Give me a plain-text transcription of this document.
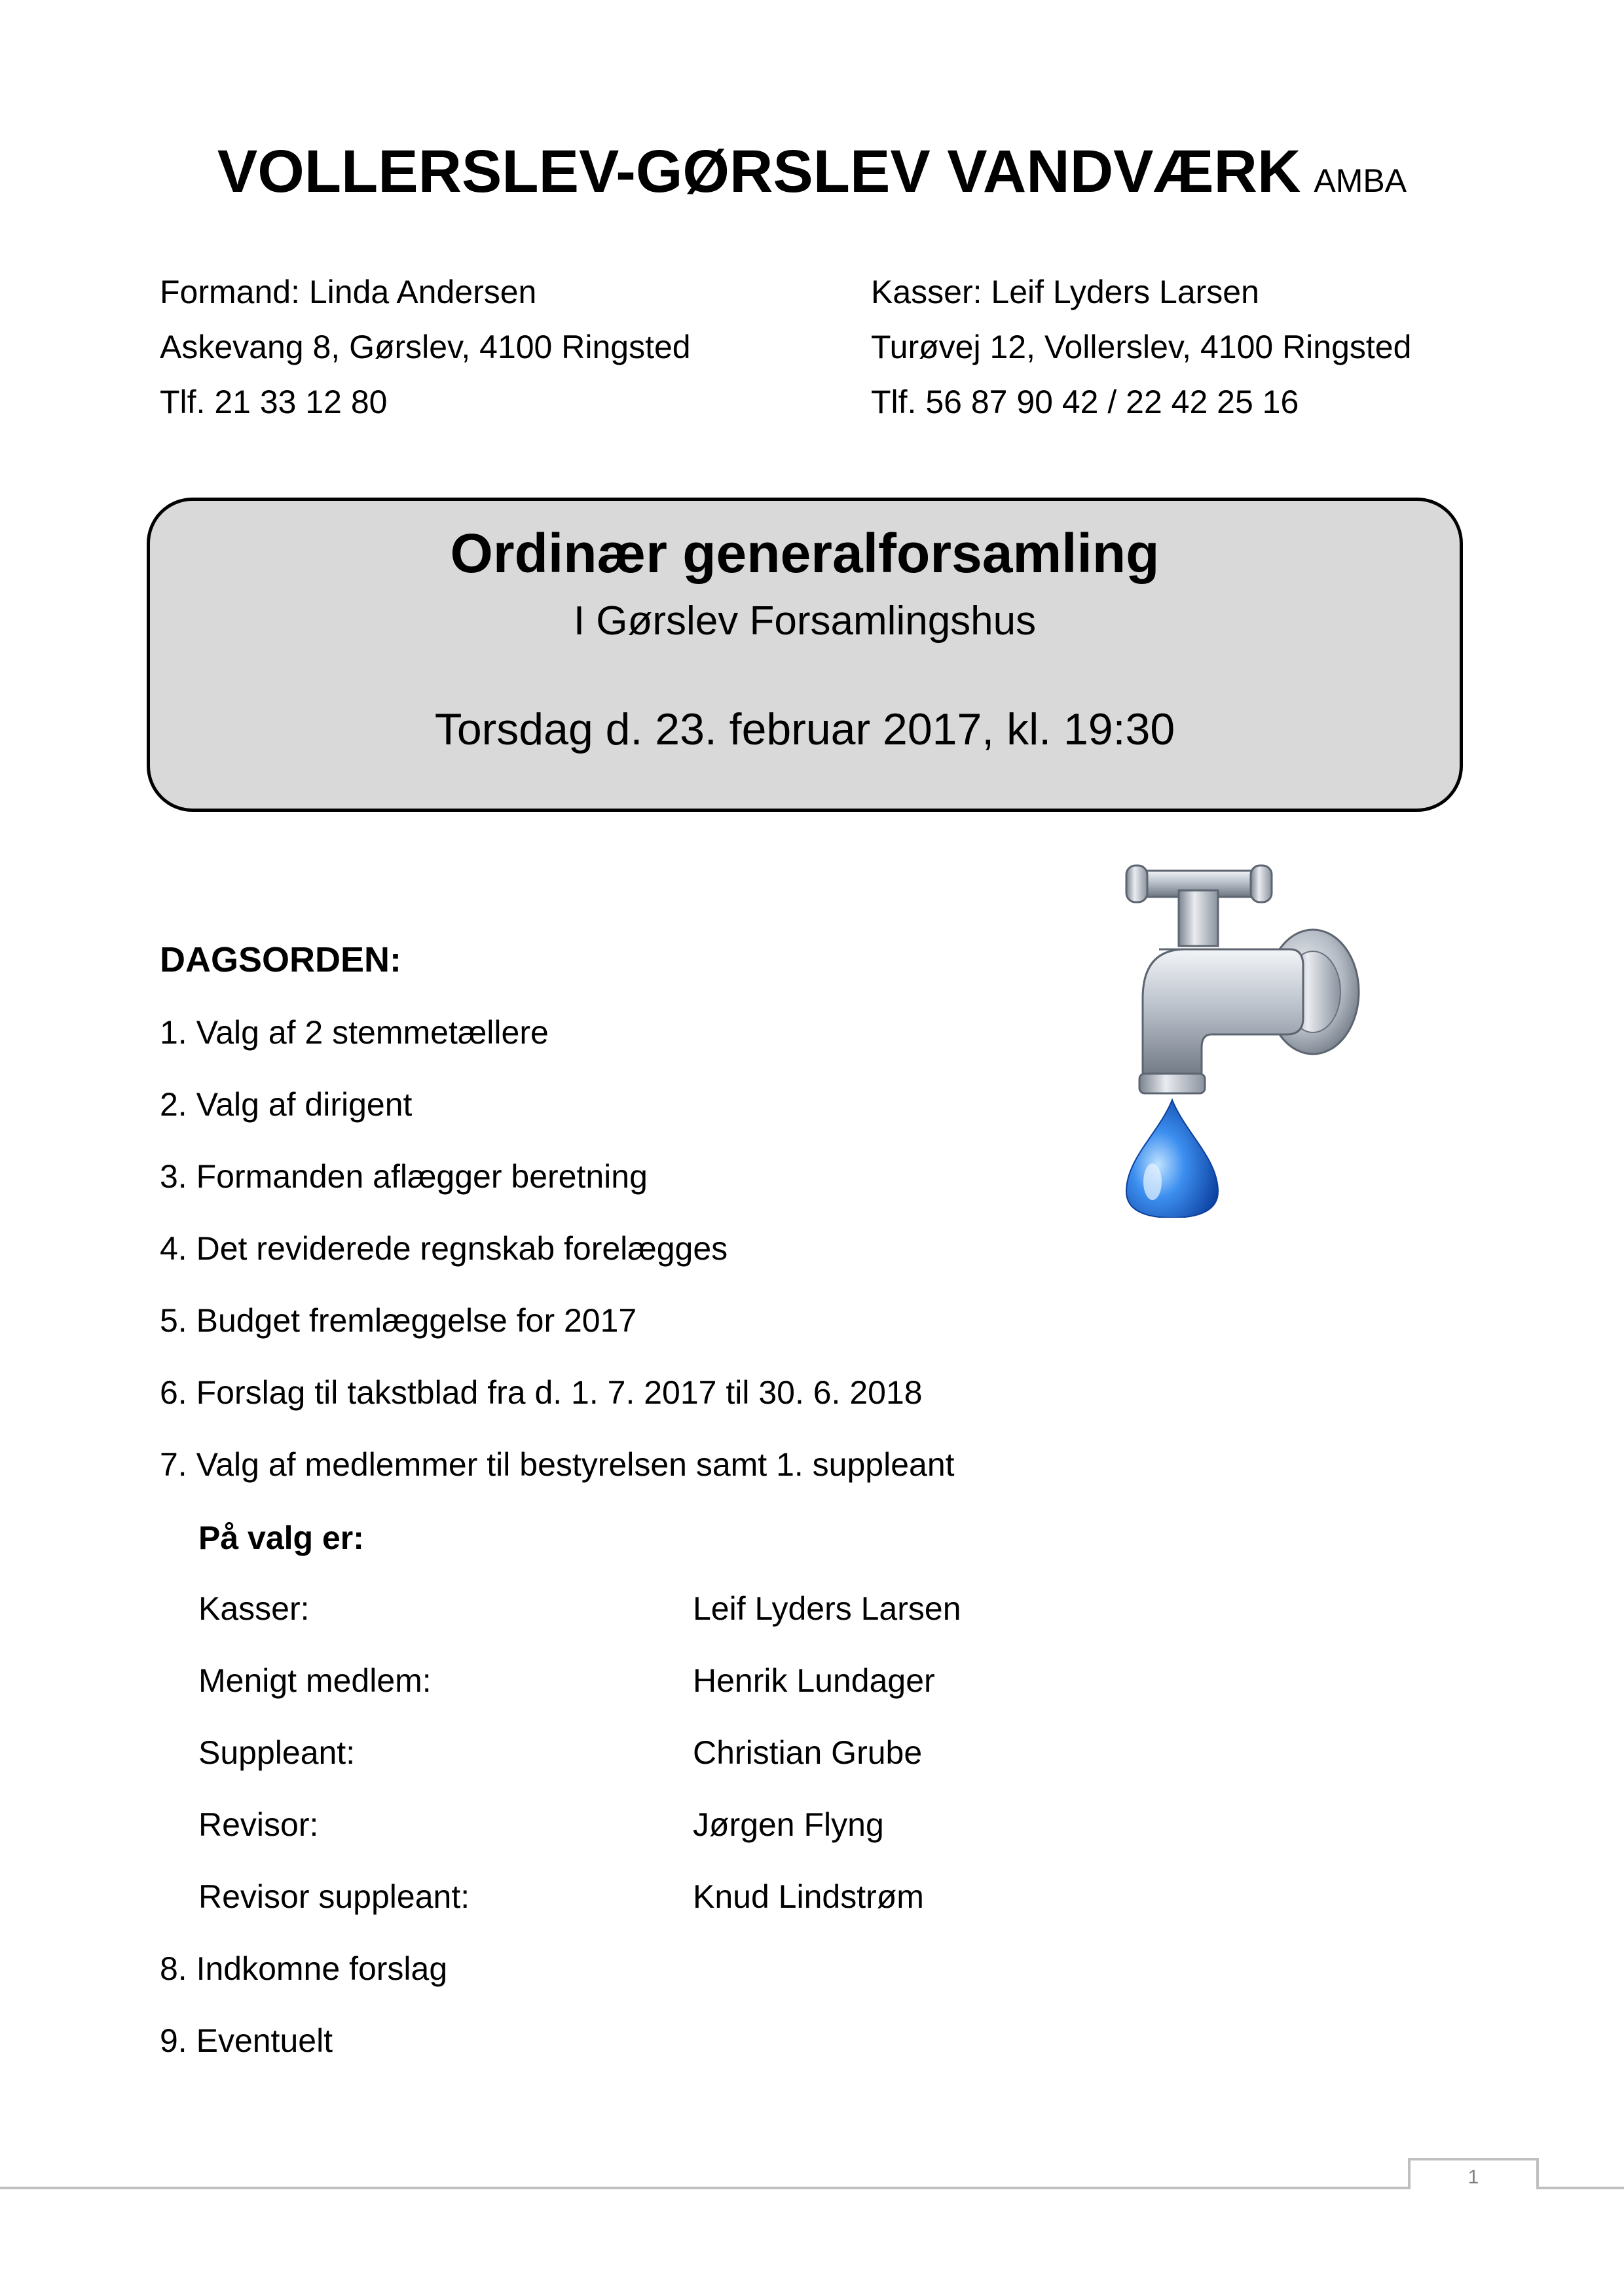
VOLLERSLEV-GØRSLEV VANDVÆRK AMBA
Formand: Linda Andersen
Askevang 8, Gørslev, 4100 Ringsted
Tlf. 21 33 12 80
Kasser: Leif Lyders Larsen
Turøvej 12, Vollerslev, 4100 Ringsted
Tlf. 56 87 90 42 / 22 42 25 16
Ordinær generalforsamling
I Gørslev Forsamlingshus
Torsdag d. 23. februar 2017, kl. 19:30
DAGSORDEN:
1. Valg af 2 stemmetællere
2. Valg af dirigent
3. Formanden aflægger beretning
4. Det reviderede regnskab forelægges
5. Budget fremlæggelse for 2017
6. Forslag til takstblad fra d. 1. 7. 2017 til 30. 6. 2018
7. Valg af medlemmer til bestyrelsen samt 1. suppleant
På valg er:
Kasser:	Leif Lyders Larsen
Menigt medlem:	Henrik Lundager
Suppleant:	Christian Grube
Revisor:	Jørgen Flyng
Revisor suppleant:	Knud Lindstrøm
8. Indkomne forslag
9. Eventuelt
1
